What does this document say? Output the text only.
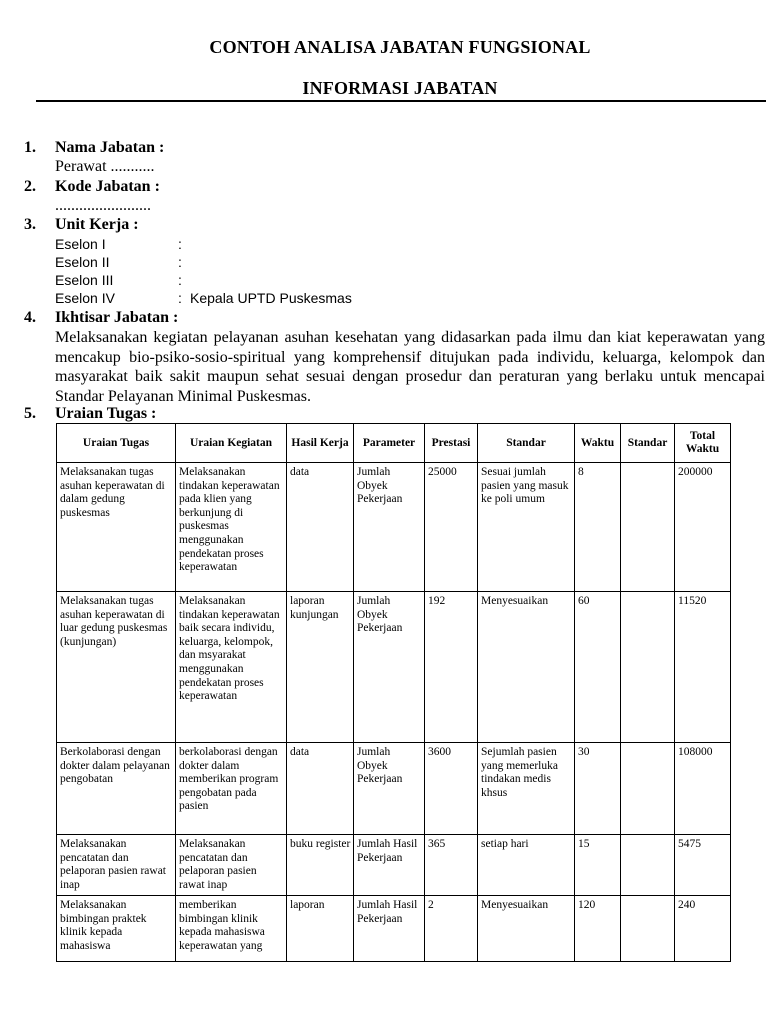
CONTOH ANALISA JABATAN FUNGSIONAL
INFORMASI JABATAN
1. Nama Jabatan :
Perawat ...........
2. Kode Jabatan :
........................
3. Unit Kerja :
Eselon I	:
Eselon II	:
Eselon III	:
Eselon IV	: Kepala UPTD Puskesmas
4. Ikhtisar Jabatan :
Melaksanakan kegiatan pelayanan asuhan kesehatan yang didasarkan pada ilmu dan kiat keperawatan yang mencakup bio-psiko-sosio-spiritual yang komprehensif ditujukan pada individu, keluarga, kelompok dan masyarakat baik sakit maupun sehat sesuai dengan prosedur dan peraturan yang berlaku untuk mencapai Standar Pelayanan Minimal Puskesmas.
5. Uraian Tugas :
Uraian Tugas	Uraian Kegiatan	Hasil Kerja	Parameter	Prestasi	Standar	Waktu	Standar	Total Waktu
Melaksanakan tugas asuhan keperawatan di dalam gedung puskesmas	Melaksanakan tindakan keperawatan pada klien yang berkunjung di puskesmas menggunakan pendekatan proses keperawatan	data	Jumlah Obyek Pekerjaan	25000	Sesuai jumlah pasien yang masuk ke poli umum	8		200000
Melaksanakan tugas asuhan keperawatan di luar gedung puskesmas (kunjungan)	Melaksanakan tindakan keperawatan baik secara individu, keluarga, kelompok, dan msyarakat menggunakan pendekatan proses keperawatan	laporan kunjungan	Jumlah Obyek Pekerjaan	192	Menyesuaikan	60		11520
Berkolaborasi dengan dokter dalam pelayanan pengobatan	berkolaborasi dengan dokter dalam memberikan program pengobatan pada pasien	data	Jumlah Obyek Pekerjaan	3600	Sejumlah pasien yang memerluka tindakan medis khsus	30		108000
Melaksanakan pencatatan dan pelaporan pasien rawat inap	Melaksanakan pencatatan dan pelaporan pasien rawat inap	buku register	Jumlah Hasil Pekerjaan	365	setiap hari	15		5475
Melaksanakan bimbingan praktek klinik kepada mahasiswa	memberikan bimbingan klinik kepada mahasiswa keperawatan yang	laporan	Jumlah Hasil Pekerjaan	2	Menyesuaikan	120		240
